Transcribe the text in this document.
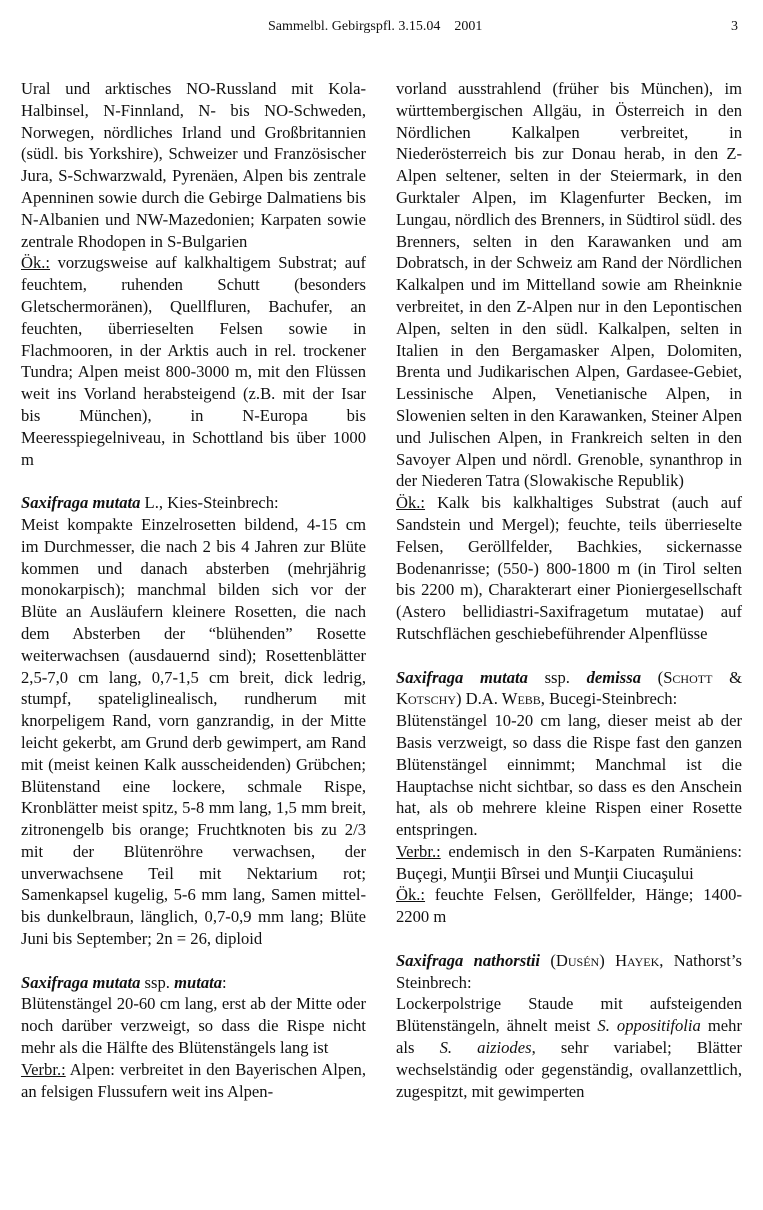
Sammelbl. Gebirgspfl. 3.15.04 2001	3

Ural und arktisches NO-Russland mit Kola-Halbinsel, N-Finnland, N- bis NO-Schweden, Norwegen, nördliches Irland und Großbritannien (südl. bis Yorkshire), Schweizer und Französischer Jura, S-Schwarzwald, Pyrenäen, Alpen bis zentrale Apenninen sowie durch die Gebirge Dalmatiens bis N-Albanien und NW-Mazedonien; Karpaten sowie zentrale Rhodopen in S-Bulgarien

Ök.: vorzugsweise auf kalkhaltigem Substrat; auf feuchtem, ruhenden Schutt (besonders Gletschermoränen), Quellfluren, Bachufer, an feuchten, überrieselten Felsen sowie in Flachmooren, in der Arktis auch in rel. trockener Tundra; Alpen meist 800-3000 m, mit den Flüssen weit ins Vorland herabsteigend (z.B. mit der Isar bis München), in N-Europa bis Meeresspiegelniveau, in Schottland bis über 1000 m

Saxifraga mutata L., Kies-Steinbrech:

Meist kompakte Einzelrosetten bildend, 4-15 cm im Durchmesser, die nach 2 bis 4 Jahren zur Blüte kommen und danach absterben (mehrjährig monokarpisch); manchmal bilden sich vor der Blüte an Ausläufern kleinere Rosetten, die nach dem Absterben der “blühenden” Rosette weiterwachsen (ausdauernd sind); Rosettenblätter 2,5-7,0 cm lang, 0,7-1,5 cm breit, dick ledrig, stumpf, spateliglinealisch, rundherum mit knorpeligem Rand, vorn ganzrandig, in der Mitte leicht gekerbt, am Grund derb gewimpert, am Rand mit (meist keinen Kalk ausscheidenden) Grübchen; Blütenstand eine lockere, schmale Rispe, Kronblätter meist spitz, 5-8 mm lang, 1,5 mm breit, zitronengelb bis orange; Fruchtknoten bis zu 2/3 mit der Blütenröhre verwachsen, der unverwachsene Teil mit Nektarium rot; Samenkapsel kugelig, 5-6 mm lang, Samen mittel- bis dunkelbraun, länglich, 0,7-0,9 mm lang; Blüte Juni bis September; 2n = 26, diploid

Saxifraga mutata ssp. mutata:

Blütenstängel 20-60 cm lang, erst ab der Mitte oder noch darüber verzweigt, so dass die Rispe nicht mehr als die Hälfte des Blütenstängels lang ist

Verbr.: Alpen: verbreitet in den Bayerischen Alpen, an felsigen Flussufern weit ins Alpen-

vorland ausstrahlend (früher bis München), im württembergischen Allgäu, in Österreich in den Nördlichen Kalkalpen verbreitet, in Niederösterreich bis zur Donau herab, in den Z-Alpen seltener, selten in der Steiermark, in den Gurktaler Alpen, im Klagenfurter Becken, im Lungau, nördlich des Brenners, in Südtirol südl. des Brenners, selten in den Karawanken und am Dobratsch, in der Schweiz am Rand der Nördlichen Kalkalpen und im Mittelland sowie am Rheinknie verbreitet, in den Z-Alpen nur in den Lepontischen Alpen, selten in den südl. Kalkalpen, selten in Italien in den Bergamasker Alpen, Dolomiten, Brenta und Judikarischen Alpen, Gardasee-Gebiet, Lessinische Alpen, Venetianische Alpen, in Slowenien selten in den Karawanken, Steiner Alpen und Julischen Alpen, in Frankreich selten in den Savoyer Alpen und nördl. Grenoble, synanthrop in der Niederen Tatra (Slowakische Republik)

Ök.: Kalk bis kalkhaltiges Substrat (auch auf Sandstein und Mergel); feuchte, teils überrieselte Felsen, Geröllfelder, Bachkies, sickernasse Bodenanrisse; (550-) 800-1800 m (in Tirol selten bis 2200 m), Charakterart einer Pioniergesellschaft (Astero bellidiastri-Saxifragetum mutatae) auf Rutschflächen geschiebeführender Alpenflüsse

Saxifraga mutata ssp. demissa (Schott & Kotschy) D.A. Webb, Bucegi-Steinbrech:

Blütenstängel 10-20 cm lang, dieser meist ab der Basis verzweigt, so dass die Rispe fast den ganzen Blütenstängel einnimmt; Manchmal ist die Hauptachse nicht sichtbar, so dass es den Anschein hat, als ob mehrere kleine Rispen einer Rosette entspringen.

Verbr.: endemisch in den S-Karpaten Rumäniens: Buçegi, Munţii Bîrsei und Munţii Ciucaşului

Ök.: feuchte Felsen, Geröllfelder, Hänge; 1400-2200 m

Saxifraga nathorstii (Dusén) Hayek, Nathorst’s Steinbrech:

Lockerpolstrige Staude mit aufsteigenden Blütenstängeln, ähnelt meist S. oppositifolia mehr als S. aiziodes, sehr variabel; Blätter wechselständig oder gegenständig, ovallanzettlich, zugespitzt, mit gewimperten
